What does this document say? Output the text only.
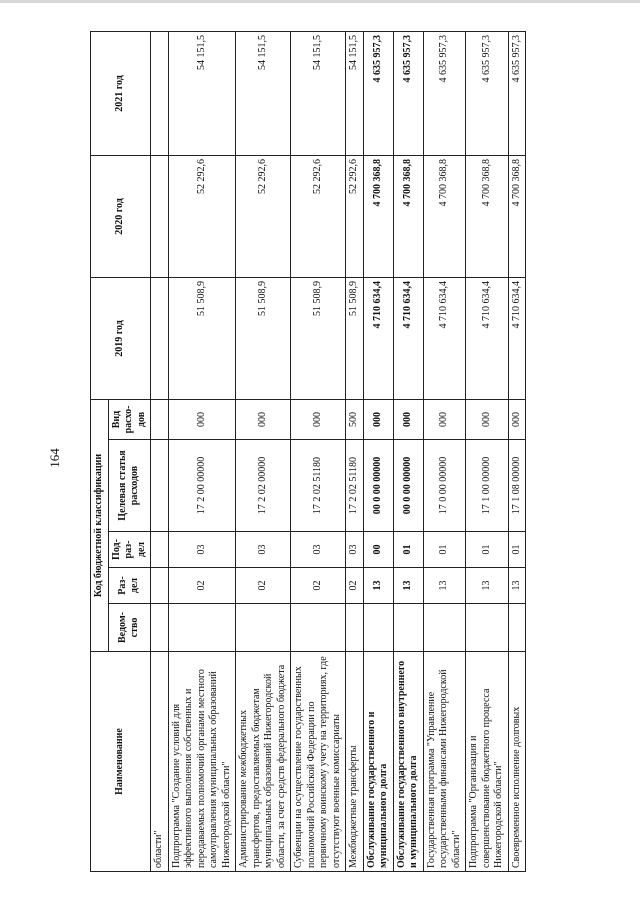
164
Наименование	Код бюджетной классификации					2019 год	2020 год	2021 год
	Ведом-ство	Раз-дел	Под-раз-дел	Целевая статья расходов	Вид расхо-дов			
области"								
Подпрограмма "Создание условий для эффективного выполнения собственных и передаваемых полномочий органами местного самоуправления муниципальных образований Нижегородской области"		02	03	17 2 00 00000	000	51 508,9	52 292,6	54 151,5
Администрирование межбюджетных трансфертов, предоставляемых бюджетам муниципальных образований Нижегородской области, за счет средств федерального бюджета		02	03	17 2 02 00000	000	51 508,9	52 292,6	54 151,5
Субвенции на осуществление государственных полномочий Российской Федерации по первичному воинскому учету на территориях, где отсутствуют военные комиссариаты		02	03	17 2 02 51180	000	51 508,9	52 292,6	54 151,5
Межбюджетные трансферты		02	03	17 2 02 51180	500	51 508,9	52 292,6	54 151,5
Обслуживание государственного и муниципального долга		13	00	00 0 00 00000	000	4 710 634,4	4 700 368,8	4 635 957,3
Обслуживание государственного внутреннего и муниципального долга		13	01	00 0 00 00000	000	4 710 634,4	4 700 368,8	4 635 957,3
Государственная программа "Управление государственными финансами Нижегородской области"		13	01	17 0 00 00000	000	4 710 634,4	4 700 368,8	4 635 957,3
Подпрограмма "Организация и совершенствование бюджетного процесса Нижегородской области"		13	01	17 1 00 00000	000	4 710 634,4	4 700 368,8	4 635 957,3
Своевременное исполнение долговых		13	01	17 1 08 00000	000	4 710 634,4	4 700 368,8	4 635 957,3
